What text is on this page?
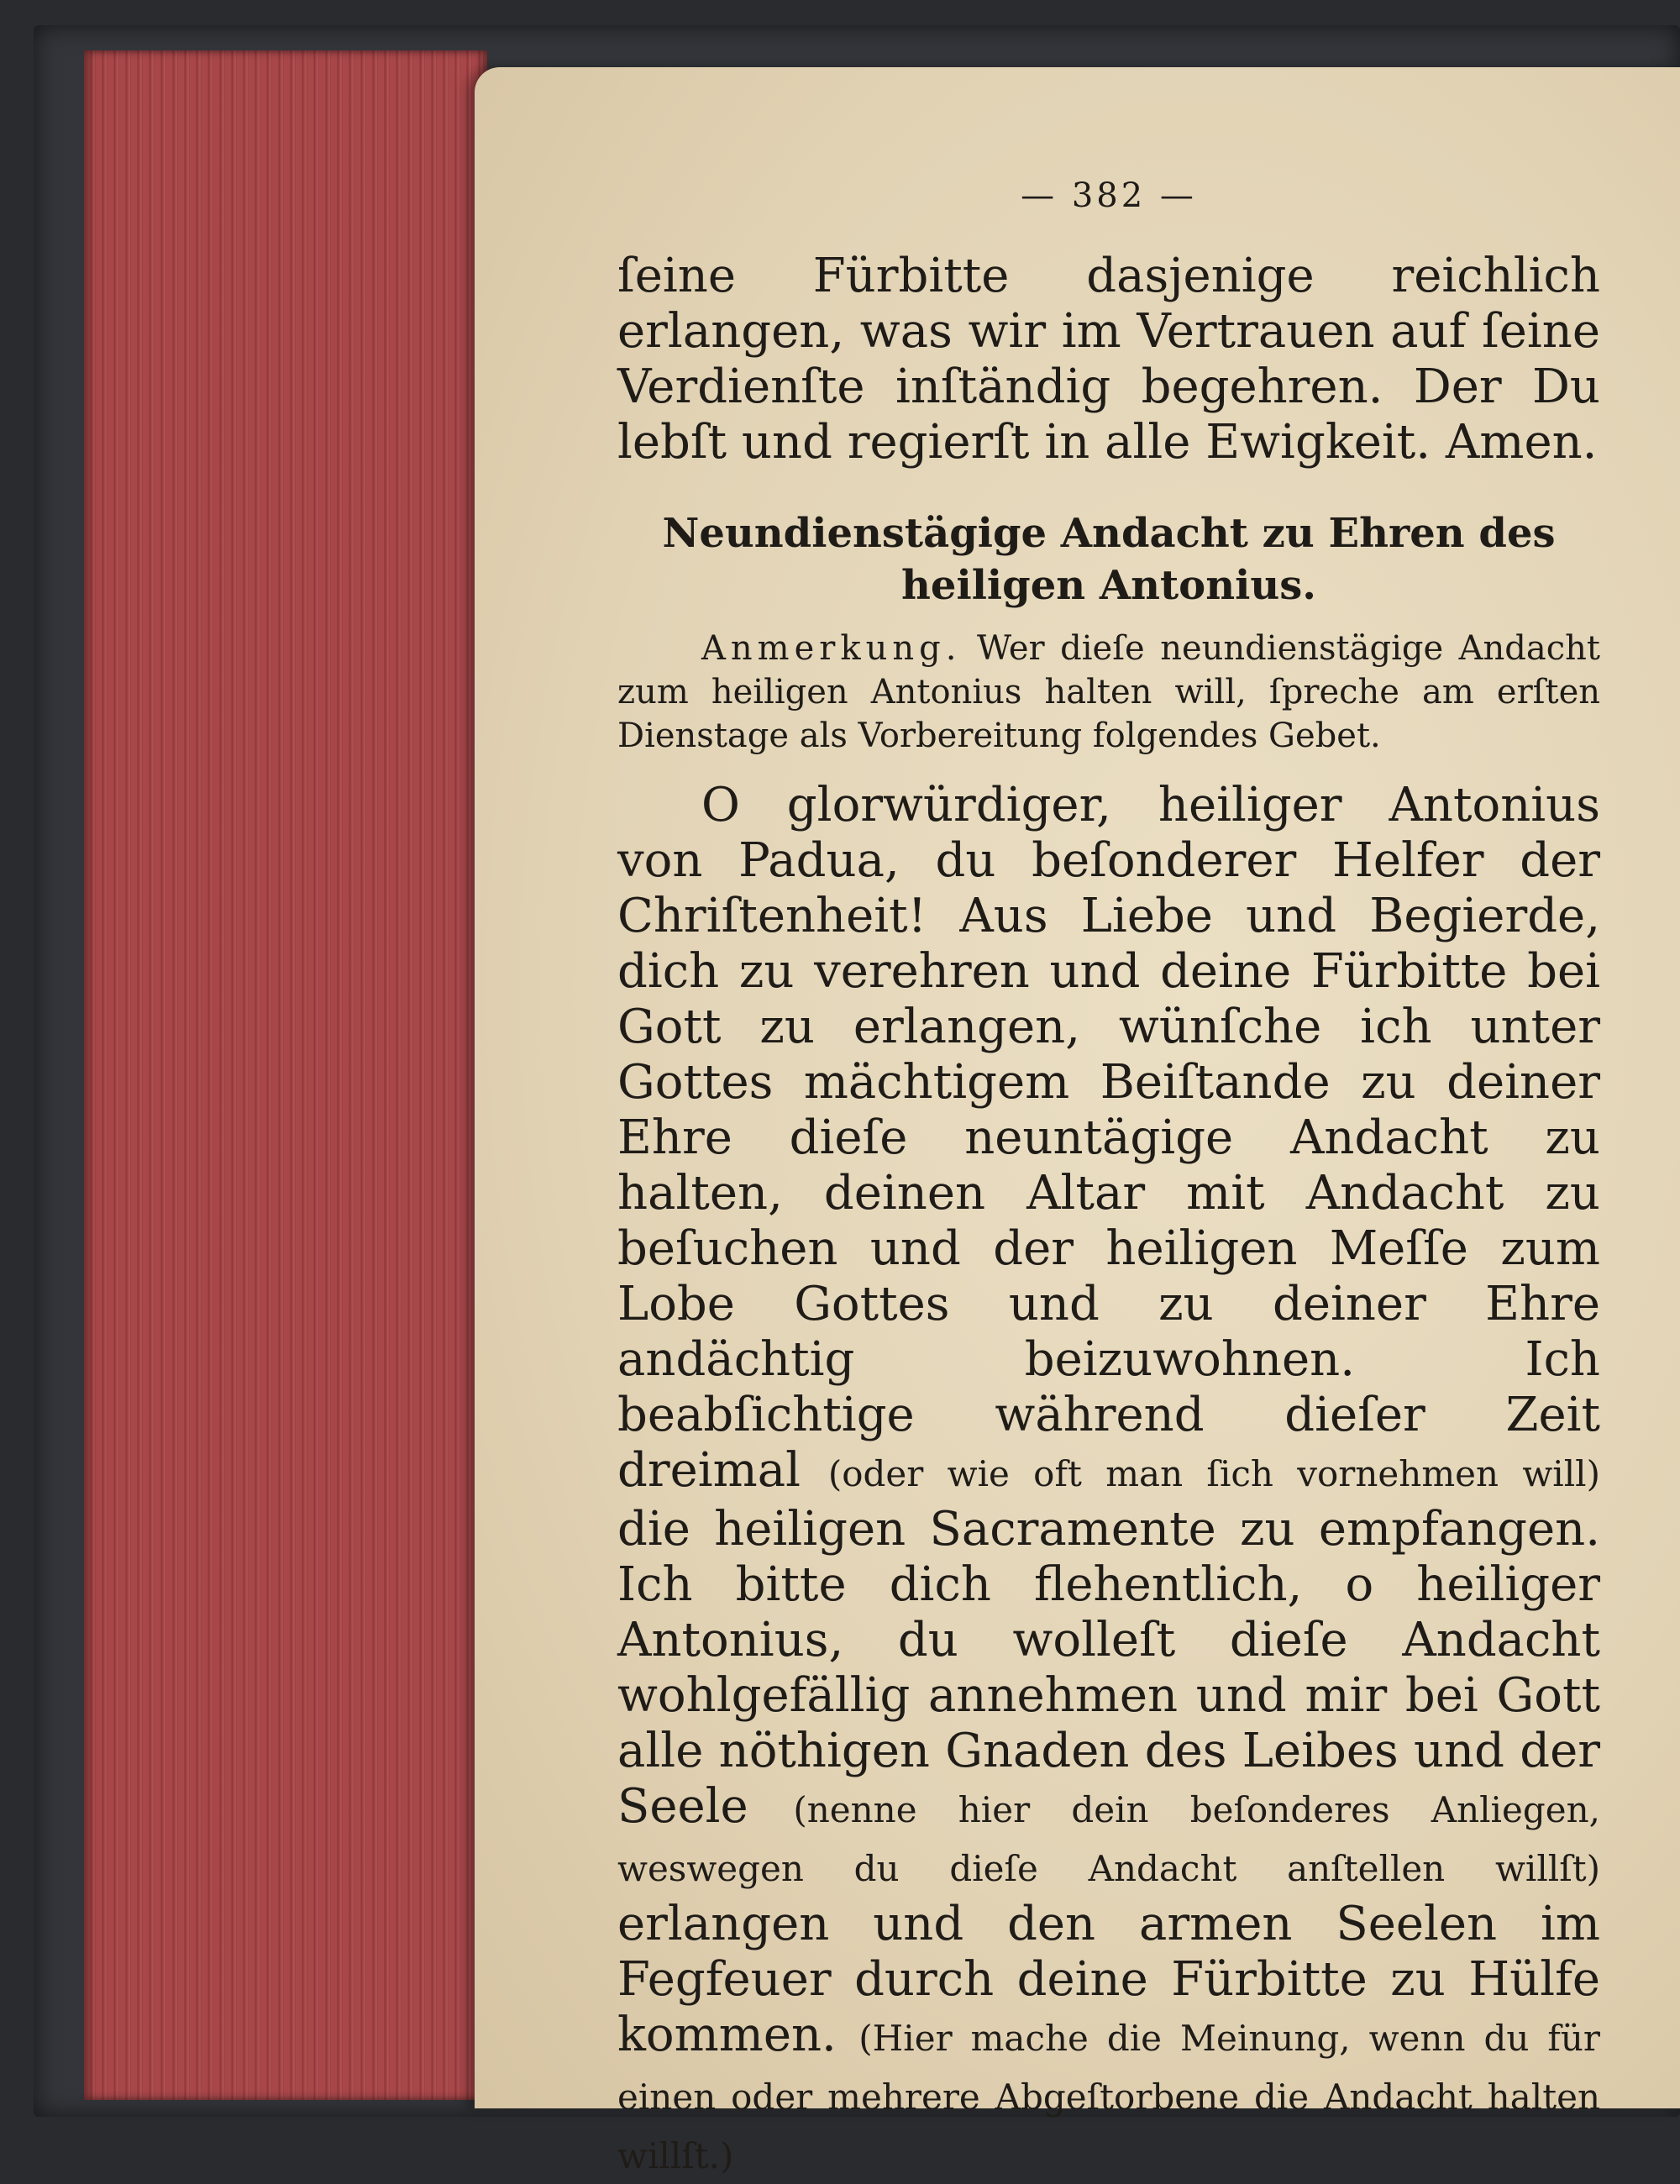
— 382 —

ſeine Fürbitte dasjenige reichlich erlangen, was wir im Vertrauen auf ſeine Verdienſte inſtändig begehren. Der Du lebſt und regierſt in alle Ewigkeit. Amen.

Neundienstägige Andacht zu Ehren des heiligen Antonius.

Anmerkung. Wer dieſe neundienstägige Andacht zum heiligen Antonius halten will, ſpreche am erſten Dienstage als Vorbereitung folgendes Gebet.

O glorwürdiger, heiliger Antonius von Padua, du beſonderer Helfer der Chriſtenheit! Aus Liebe und Begierde, dich zu verehren und deine Fürbitte bei Gott zu erlangen, wünſche ich unter Gottes mächtigem Beiſtande zu deiner Ehre dieſe neuntägige Andacht zu halten, deinen Altar mit Andacht zu beſuchen und der heiligen Meſſe zum Lobe Gottes und zu deiner Ehre andächtig beizuwohnen. Ich beabſichtige während dieſer Zeit dreimal (oder wie oft man ſich vornehmen will) die heiligen Sacramente zu empfangen. Ich bitte dich flehentlich, o heiliger Antonius, du wolleſt dieſe Andacht wohlgefällig annehmen und mir bei Gott alle nöthigen Gnaden des Leibes und der Seele (nenne hier dein beſonderes Anliegen, weswegen du dieſe Andacht anſtellen willſt) erlangen und den armen Seelen im Fegfeuer durch deine Fürbitte zu Hülfe kommen. (Hier mache die Meinung, wenn du für einen oder mehrere Abgeſtorbene die Andacht halten willſt.)
